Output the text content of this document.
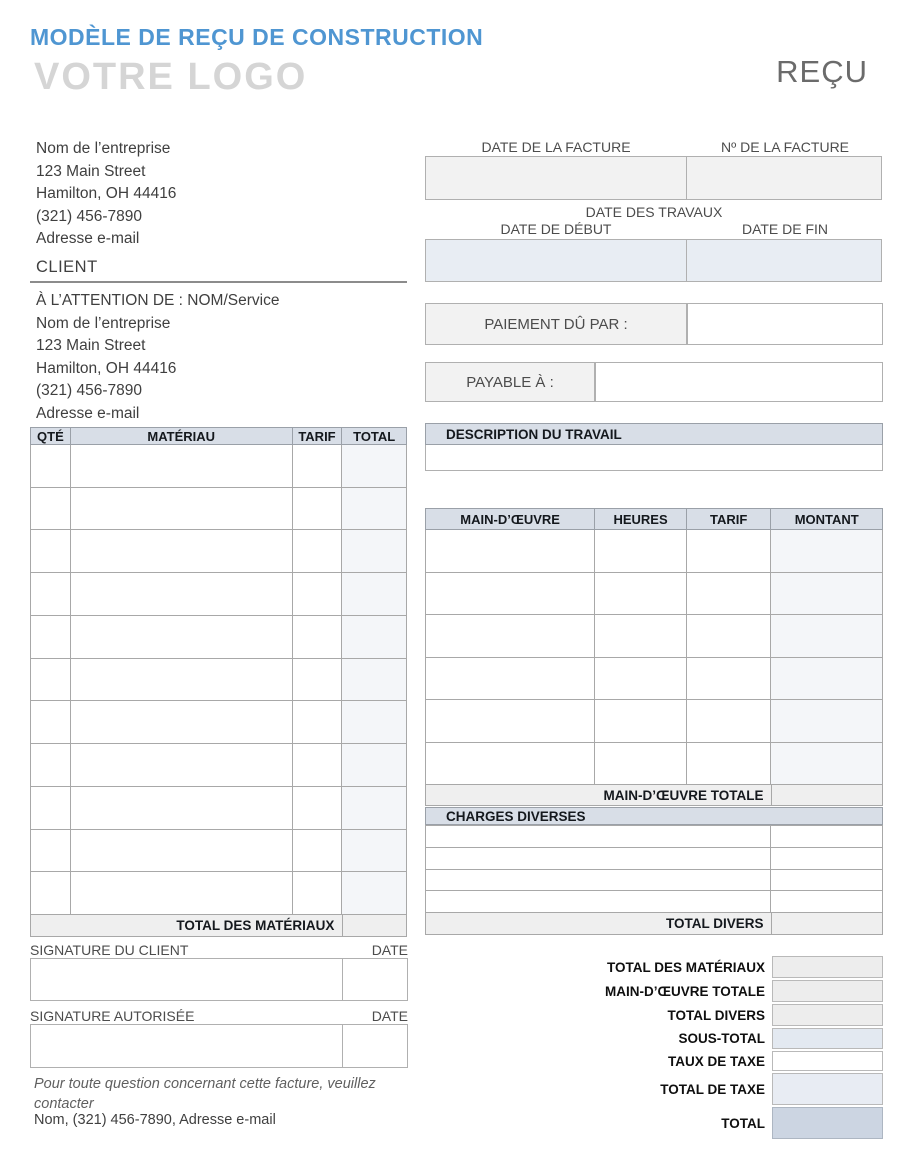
MODÈLE DE REÇU DE CONSTRUCTION
VOTRE LOGO	REÇU
Nom de l’entreprise
123 Main Street
Hamilton, OH 44416
(321) 456-7890
Adresse e-mail
CLIENT
À L’ATTENTION DE : NOM/Service
Nom de l’entreprise
123 Main Street
Hamilton, OH 44416
(321) 456-7890
Adresse e-mail
DATE DE LA FACTURE	Nº DE LA FACTURE
DATE DES TRAVAUX
DATE DE DÉBUT	DATE DE FIN
PAIEMENT DÛ PAR :
PAYABLE À :
DESCRIPTION DU TRAVAIL
QTÉ	MATÉRIAU	TARIF	TOTAL
TOTAL DES MATÉRIAUX
MAIN-D’ŒUVRE	HEURES	TARIF	MONTANT
MAIN-D’ŒUVRE TOTALE
CHARGES DIVERSES
TOTAL DIVERS
TOTAL DES MATÉRIAUX
MAIN-D’ŒUVRE TOTALE
TOTAL DIVERS
SOUS-TOTAL
TAUX DE TAXE
TOTAL DE TAXE
TOTAL
SIGNATURE DU CLIENT	DATE
SIGNATURE AUTORISÉE	DATE
Pour toute question concernant cette facture, veuillez contacter
Nom, (321) 456-7890, Adresse e-mail
